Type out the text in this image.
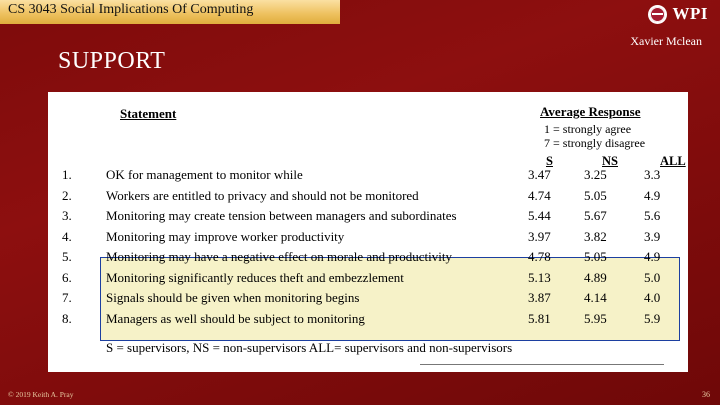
CS 3043 Social Implications Of Computing	WPI
Xavier Mclean
SUPPORT
Statement	Average Response
1 = strongly agree
7 = strongly disagree
S	NS	ALL
1.	OK for management to monitor while	3.47	3.25	3.3
2.	Workers are entitled to privacy and should not be monitored	4.74	5.05	4.9
3.	Monitoring may create tension between managers and subordinates	5.44	5.67	5.6
4.	Monitoring may improve worker productivity	3.97	3.82	3.9
5.	Monitoring may have a negative effect on morale and productivity	4.78	5.05	4.9
6.	Monitoring significantly reduces theft and embezzlement	5.13	4.89	5.0
7.	Signals should be given when monitoring begins	3.87	4.14	4.0
8.	Managers as well should be subject to monitoring	5.81	5.95	5.9
S = supervisors, NS = non-supervisors ALL= supervisors and non-supervisors
© 2019 Keith A. Pray	36
